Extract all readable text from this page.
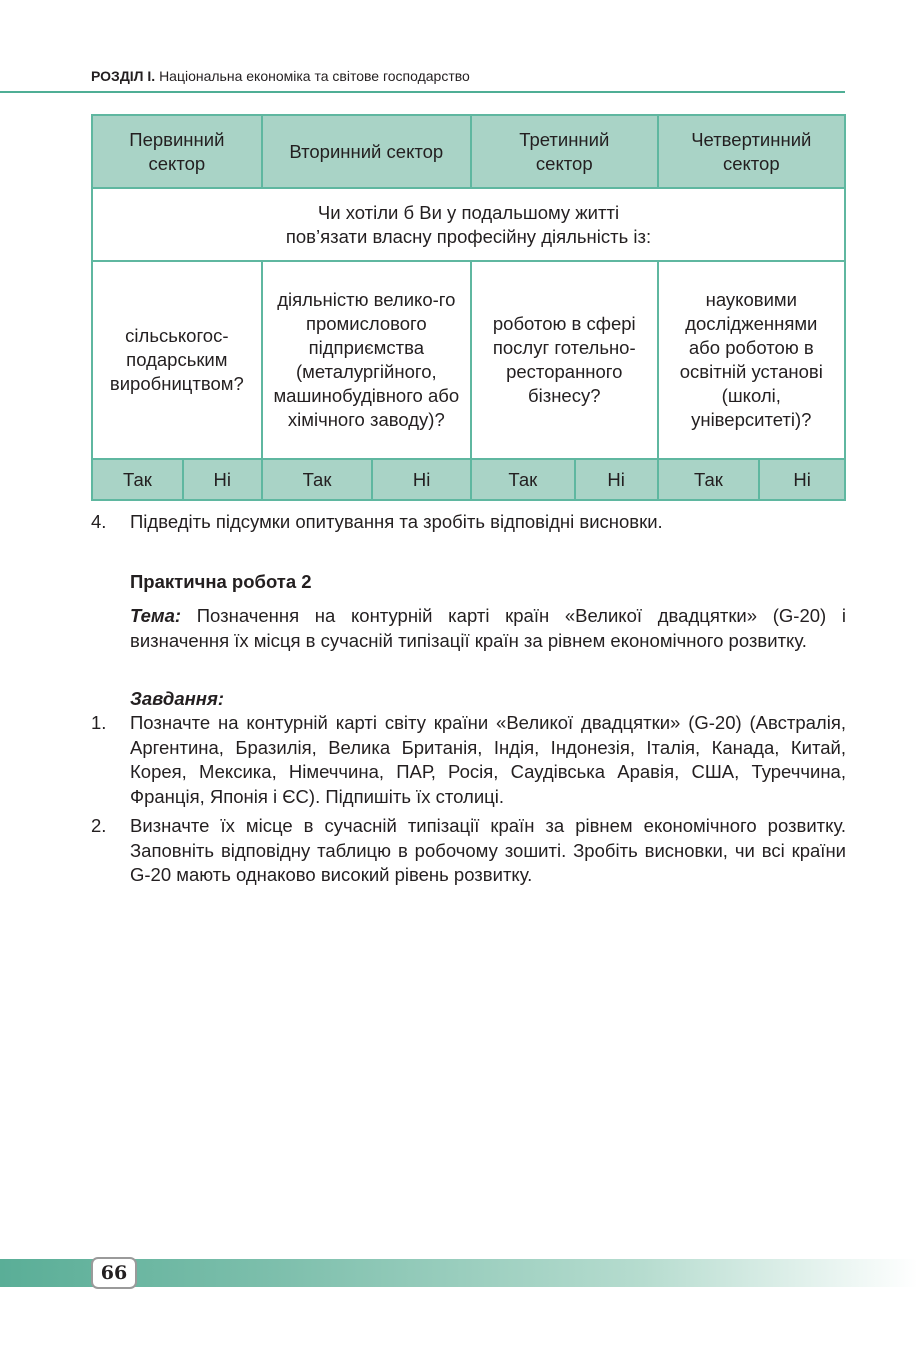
РОЗДІЛ І. Національна економіка та світове господарство
Первинний сектор		Вторинний сектор		Третинний сектор		Четвертинний сектор	

Чи хотіли б Ви у подальшому житті
пов’язати власну професійну діяльність із:							

сільськогос-подарським виробництвом?		діяльністю велико-го промислового підприємства (металургійного, машинобудівного або хімічного заводу)?		роботою в сфері послуг готельно-ресторанного бізнесу?		науковими дослідженнями або роботою в освітній установі (школі, університеті)?	
Так	Ні	Так	Ні	Так	Ні	Так	Ні
4. Підведіть підсумки опитування та зробіть відповідні висновки.
Практична робота 2
Тема: Позначення на контурній карті країн «Великої двадцятки» (G-20) і визначення їх місця в сучасній типізації країн за рівнем економічного розвитку.
Завдання:
1. Позначте на контурній карті світу країни «Великої двадцятки» (G-20) (Австралія, Аргентина, Бразилія, Велика Британія, Індія, Індонезія, Італія, Канада, Китай, Корея, Мексика, Німеччина, ПАР, Росія, Саудівська Аравія, США, Туреччина, Франція, Японія і ЄС). Підпишіть їх столиці.
2. Визначте їх місце в сучасній типізації країн за рівнем економічного розвитку. Заповніть відповідну таблицю в робочому зошиті. Зробіть висновки, чи всі країни G-20 мають однаково високий рівень розвитку.
66
